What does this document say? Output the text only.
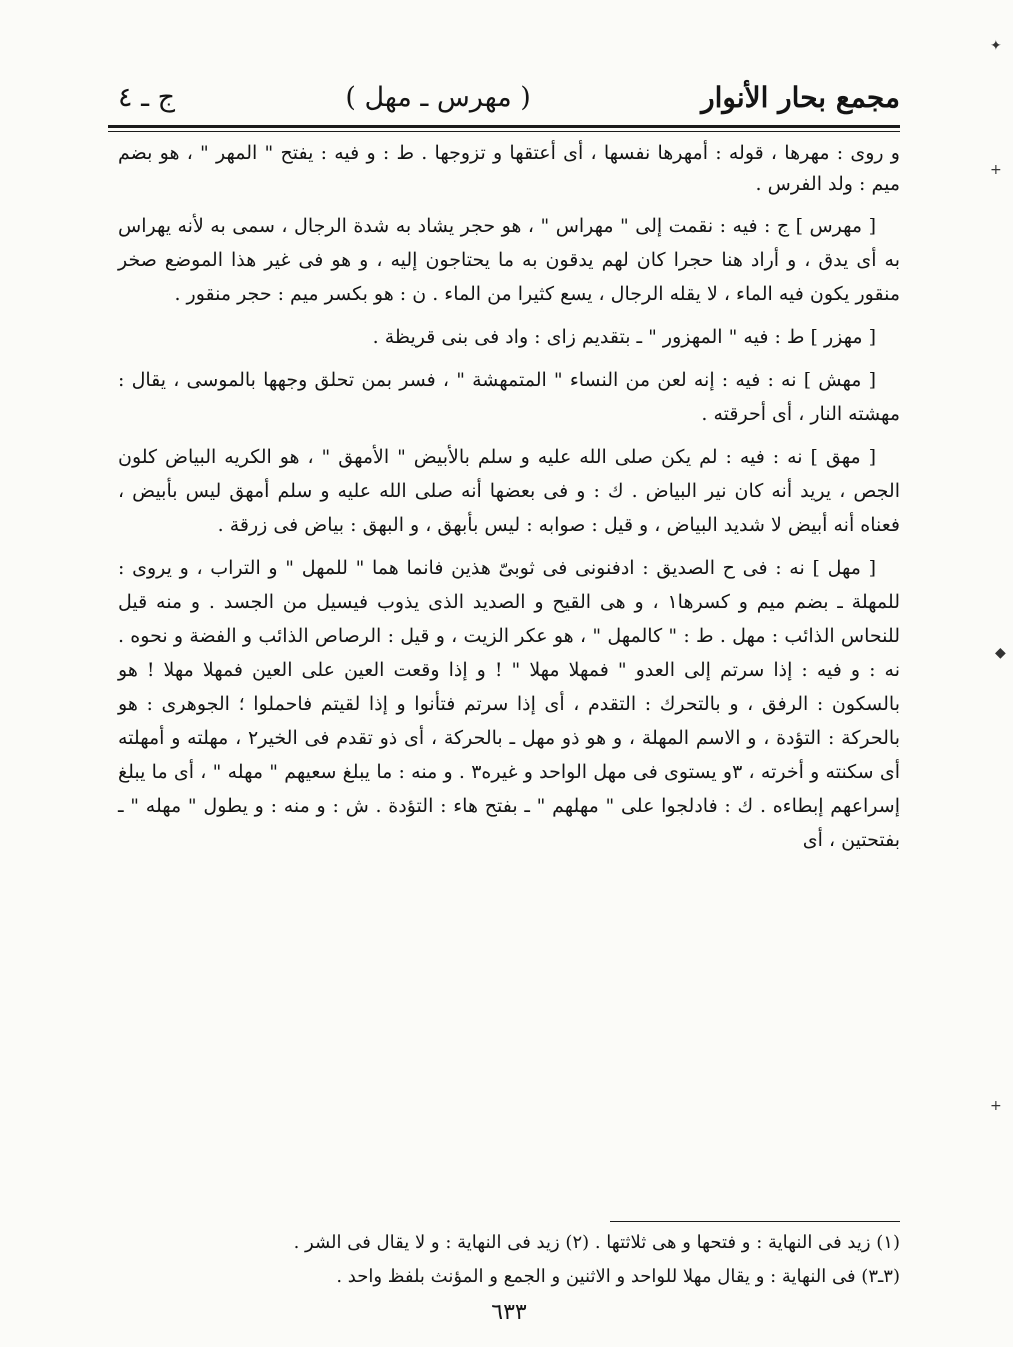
مجمع بحار الأنوار
( مهرس ـ مهل )
ج ـ ٤

و روى : مهرها ، قوله : أمهرها نفسها ، أى أعتقها و تزوجها . ط : و فيه : يفتح " المهر " ، هو بضم ميم : ولد الفرس .

[ مهرس ] ج : فيه : نقمت إلى " مهراس " ، هو حجر يشاد به شدة الرجال ، سمى به لأنه يهراس به أى يدق ، و أراد هنا حجرا كان لهم يدقون به ما يحتاجون إليه ، و هو فى غير هذا الموضع صخر منقور يكون فيه الماء ، لا يقله الرجال ، يسع كثيرا من الماء . ن : هو بكسر ميم : حجر منقور .

[ مهزر ] ط : فيه " المهزور " ـ بتقديم زاى : واد فى بنى قريظة .

[ مهش ] نه : فيه : إنه لعن من النساء " المتمهشة " ، فسر بمن تحلق وجهها بالموسى ، يقال : مهشته النار ، أى أحرقته .

[ مهق ] نه : فيه : لم يكن صلى الله عليه و سلم بالأبيض " الأمهق " ، هو الكريه البياض كلون الجص ، يريد أنه كان نير البياض . ك : و فى بعضها أنه صلى الله عليه و سلم أمهق ليس بأبيض ، فعناه أنه أبيض لا شديد البياض ، و قيل : صوابه : ليس بأبهق ، و البهق : بياض فى زرقة .

[ مهل ] نه : فى ح الصديق : ادفنونى فى ثوبىّ هذين فانما هما " للمهل " و التراب ، و يروى : للمهلة ـ بضم ميم و كسرها١ ، و هى القيح و الصديد الذى يذوب فيسيل من الجسد . و منه قيل للنحاس الذائب : مهل . ط : " كالمهل " ، هو عكر الزيت ، و قيل : الرصاص الذائب و الفضة و نحوه . نه : و فيه : إذا سرتم إلى العدو " فمهلا مهلا " ! و إذا وقعت العين على العين فمهلا مهلا ! هو بالسكون : الرفق ، و بالتحرك : التقدم ، أى إذا سرتم فتأنوا و إذا لقيتم فاحملوا ؛ الجوهرى : هو بالحركة : التؤدة ، و الاسم المهلة ، و هو ذو مهل ـ بالحركة ، أى ذو تقدم فى الخير٢ ، مهلته و أمهلته أى سكنته و أخرته ، ٣و يستوى فى مهل الواحد و غيره٣ . و منه : ما يبلغ سعيهم " مهله " ، أى ما يبلغ إسراعهم إبطاءه . ك : فادلجوا على " مهلهم " ـ بفتح هاء : التؤدة . ش : و منه : و يطول " مهله " ـ بفتحتين ، أى

(١) زيد فى النهاية : و فتحها و هى ثلاثتها . (٢) زيد فى النهاية : و لا يقال فى الشر .
(٣ـ٣) فى النهاية : و يقال مهلا للواحد و الاثنين و الجمع و المؤنث بلفظ واحد .
٦٣٣
✦
+
◆
+
